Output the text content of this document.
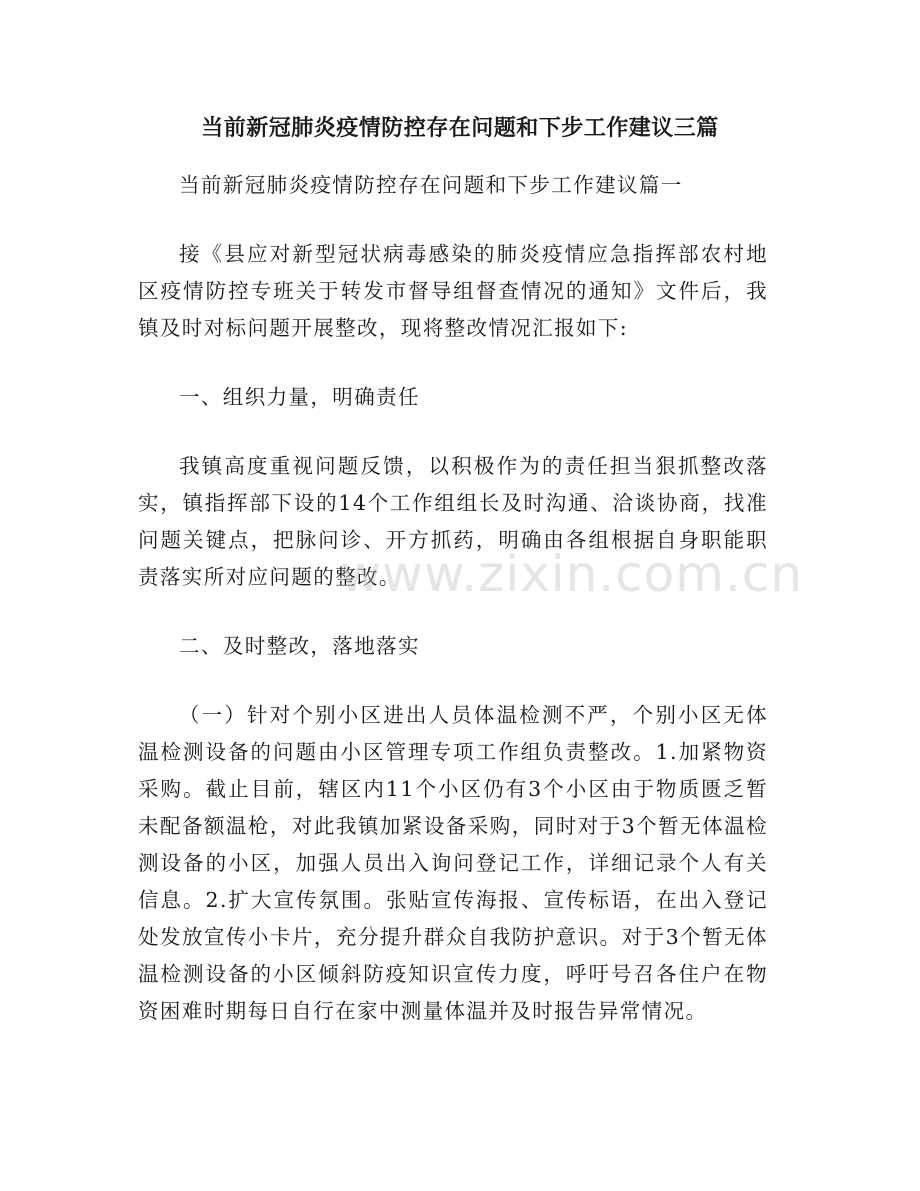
当前新冠肺炎疫情防控存在问题和下步工作建议三篇

当前新冠肺炎疫情防控存在问题和下步工作建议篇一

接《县应对新型冠状病毒感染的肺炎疫情应急指挥部农村地区疫情防控专班关于转发市督导组督查情况的通知》文件后，我镇及时对标问题开展整改，现将整改情况汇报如下:

一、组织力量，明确责任

我镇高度重视问题反馈，以积极作为的责任担当狠抓整改落实，镇指挥部下设的14个工作组组长及时沟通、洽谈协商，找准问题关键点，把脉问诊、开方抓药，明确由各组根据自身职能职责落实所对应问题的整改。

二、及时整改，落地落实

（一）针对个别小区进出人员体温检测不严，个别小区无体温检测设备的问题由小区管理专项工作组负责整改。1.加紧物资采购。截止目前，辖区内11个小区仍有3个小区由于物质匮乏暂未配备额温枪，对此我镇加紧设备采购，同时对于3个暂无体温检测设备的小区，加强人员出入询问登记工作，详细记录个人有关信息。2.扩大宣传氛围。张贴宣传海报、宣传标语，在出入登记处发放宣传小卡片，充分提升群众自我防护意识。对于3个暂无体温检测设备的小区倾斜防疫知识宣传力度，呼吁号召各住户在物资困难时期每日自行在家中测量体温并及时报告异常情况。

www.zixin.com.cn
